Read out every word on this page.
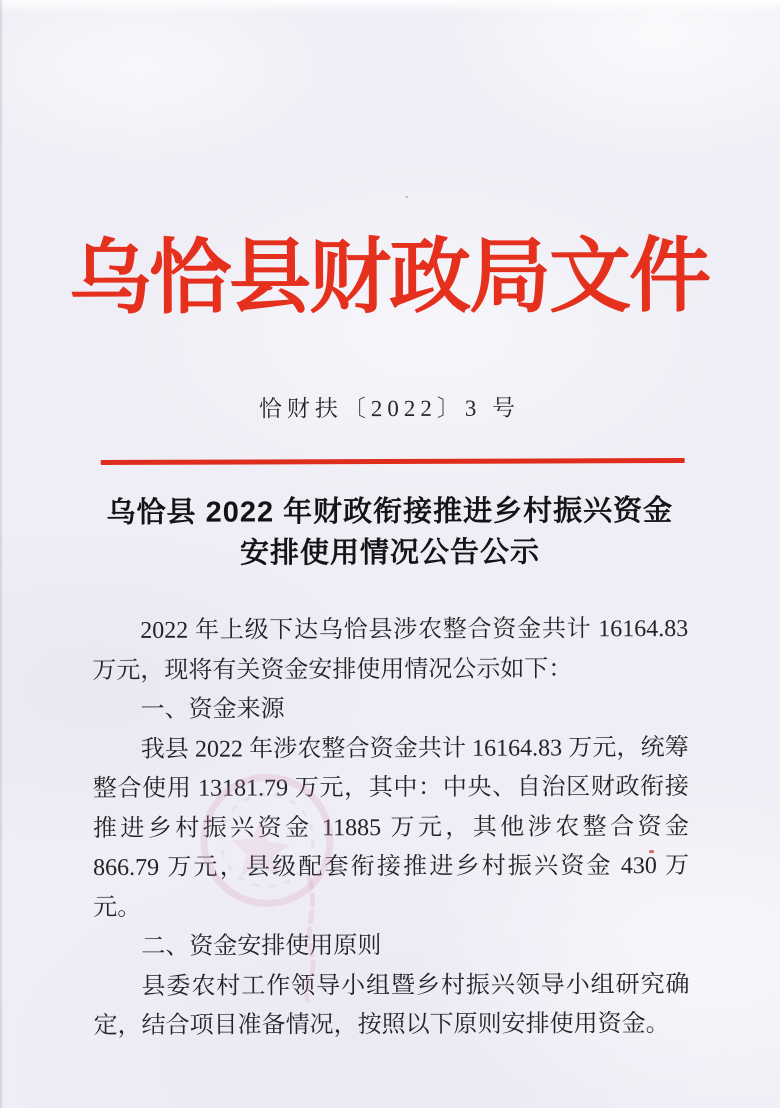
乌恰县财政局文件
恰财扶〔2022〕3 号
乌恰县 2022 年财政衔接推进乡村振兴资金
安排使用情况公告公示

2022 年上级下达乌恰县涉农整合资金共计 16164.83 万元，现将有关资金安排使用情况公示如下：

一、资金来源

我县 2022 年涉农整合资金共计 16164.83 万元，统筹整合使用 13181.79 万元，其中：中央、自治区财政衔接推进乡村振兴资金 11885 万元，其他涉农整合资金 866.79 万元，县级配套衔接推进乡村振兴资金 430 万元。

二、资金安排使用原则

县委农村工作领导小组暨乡村振兴领导小组研究确定，结合项目准备情况，按照以下原则安排使用资金。
